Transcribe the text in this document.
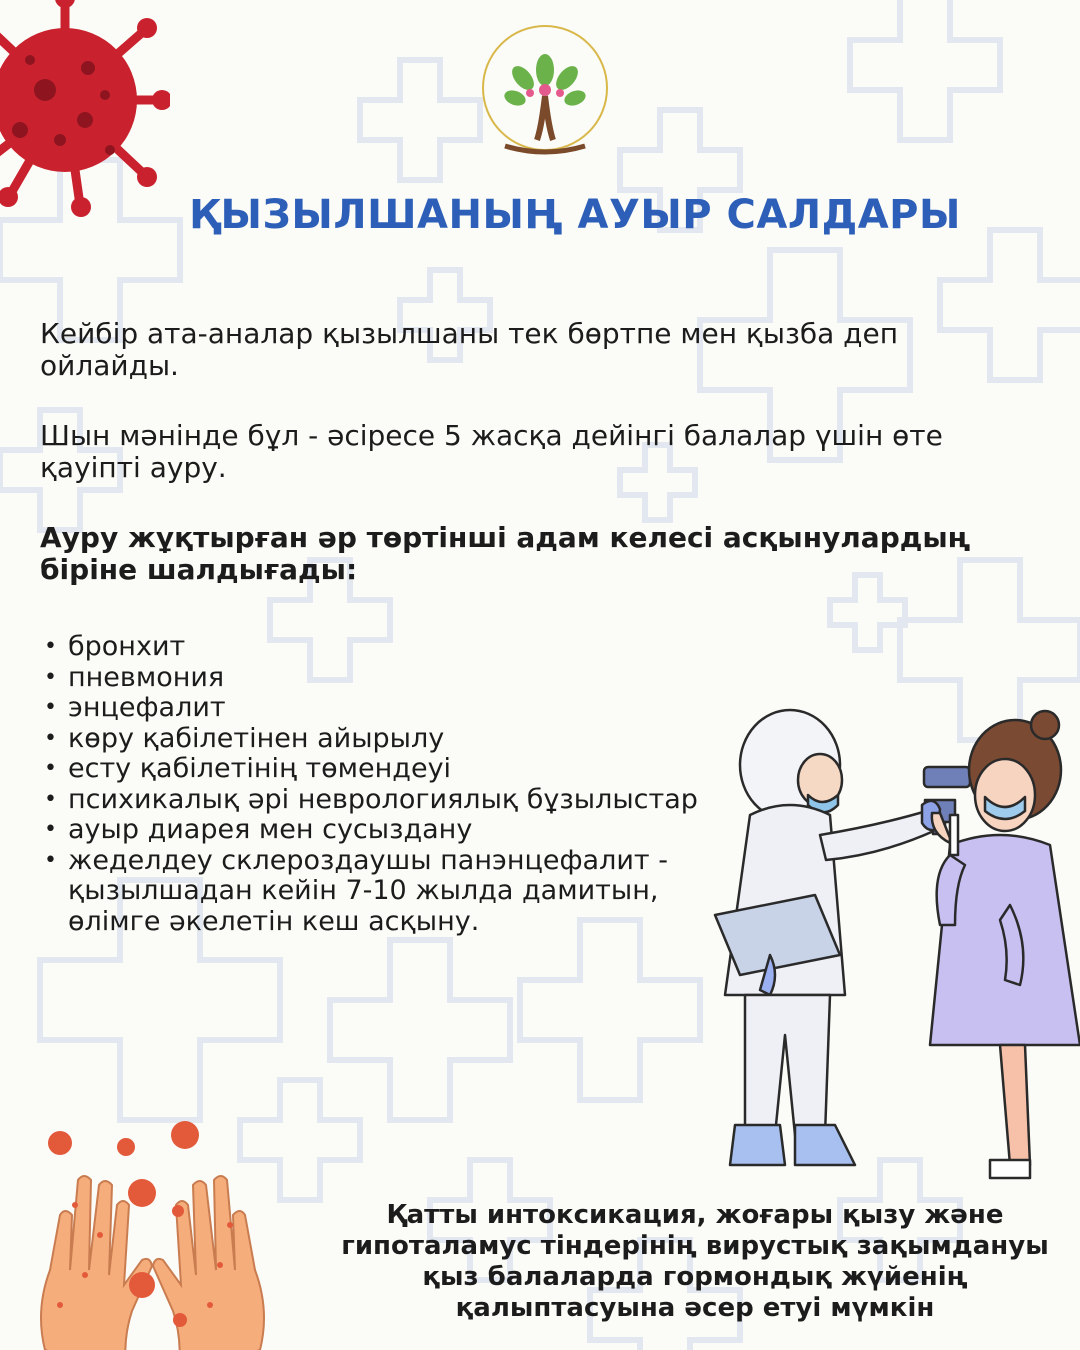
ҚЫЗЫЛШАНЫҢ АУЫР САЛДАРЫ

Кейбір ата-аналар қызылшаны тек бөртпе мен қызба деп ойлайды.

Шын мәнінде бұл - әсіресе 5 жасқа дейінгі балалар үшін өте қауіпті ауру.

Ауру жұқтырған әр төртінші адам келесі асқынулардың біріне шалдығады:

• бронхит
• пневмония
• энцефалит
• көру қабілетінен айырылу
• есту қабілетінің төмендеуі
• психикалық әрі неврологиялық бұзылыстар
• ауыр диарея мен сусыздану
• жеделдеу склероздаушы панэнцефалит - қызылшадан кейін 7-10 жылда дамитын, өлімге әкелетін кеш асқыну.

Қатты интоксикация, жоғары қызу және гипоталамус тіндерінің вирустық зақымдануы қыз балаларда гормондық жүйенің қалыптасуына әсер етуі мүмкін
